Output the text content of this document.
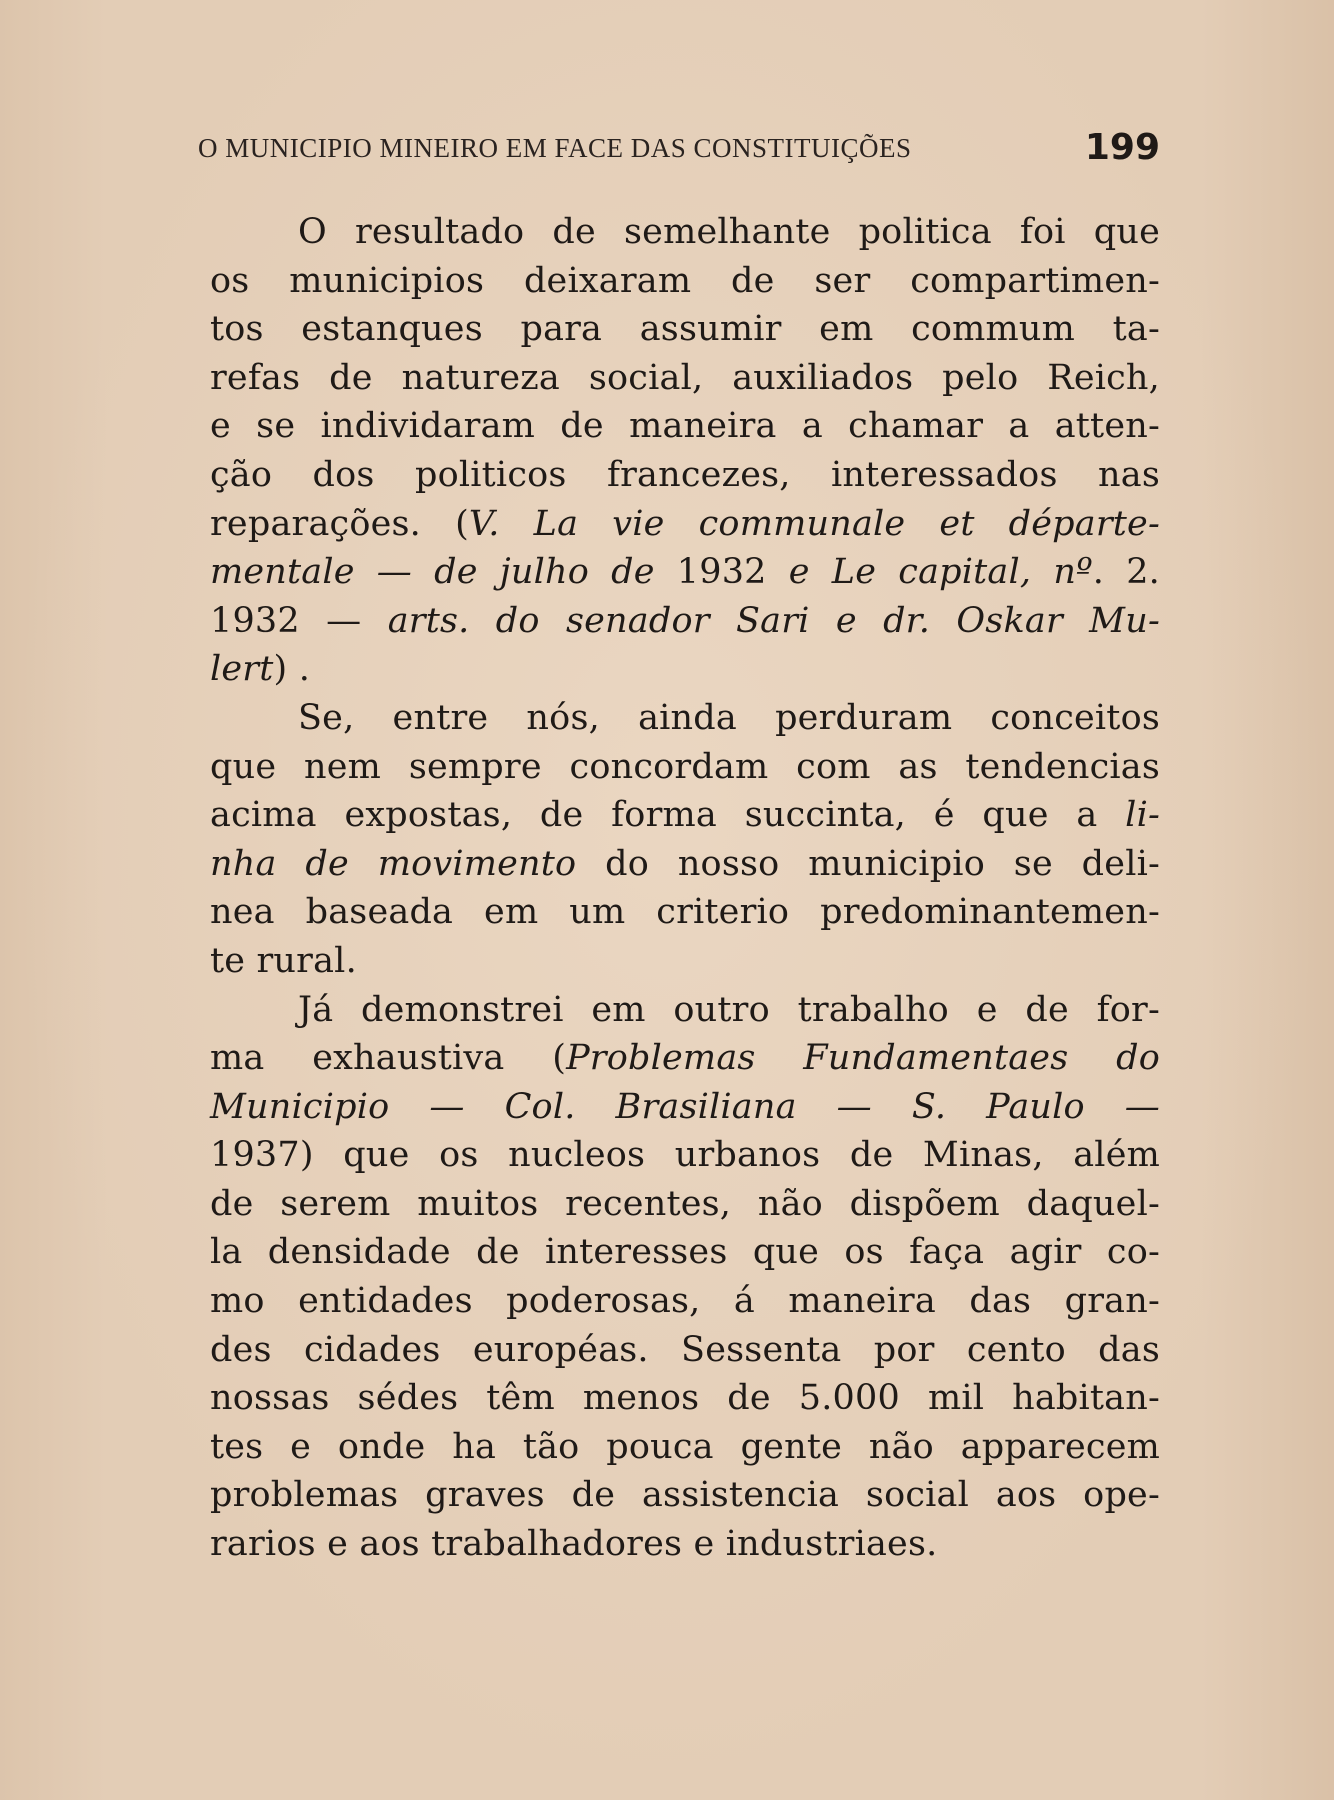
O MUNICIPIO MINEIRO EM FACE DAS CONSTITUIÇÕES	199
O resultado de semelhante politica foi que
os municipios deixaram de ser compartimen-
tos estanques para assumir em commum ta-
refas de natureza social, auxiliados pelo Reich,
e se individaram de maneira a chamar a atten-
ção dos politicos francezes, interessados nas
reparações. (V. La vie communale et départe-
mentale — de julho de 1932 e Le capital, nº. 2.
1932 — arts. do senador Sari e dr. Oskar Mu-
lert) .
Se, entre nós, ainda perduram conceitos
que nem sempre concordam com as tendencias
acima expostas, de forma succinta, é que a li-
nha de movimento do nosso municipio se deli-
nea baseada em um criterio predominantemen-
te rural.
Já demonstrei em outro trabalho e de for-
ma exhaustiva (Problemas Fundamentaes do
Municipio — Col. Brasiliana — S. Paulo —
1937) que os nucleos urbanos de Minas, além
de serem muitos recentes, não dispõem daquel-
la densidade de interesses que os faça agir co-
mo entidades poderosas, á maneira das gran-
des cidades européas. Sessenta por cento das
nossas sédes têm menos de 5.000 mil habitan-
tes e onde ha tão pouca gente não apparecem
problemas graves de assistencia social aos ope-
rarios e aos trabalhadores e industriaes.
